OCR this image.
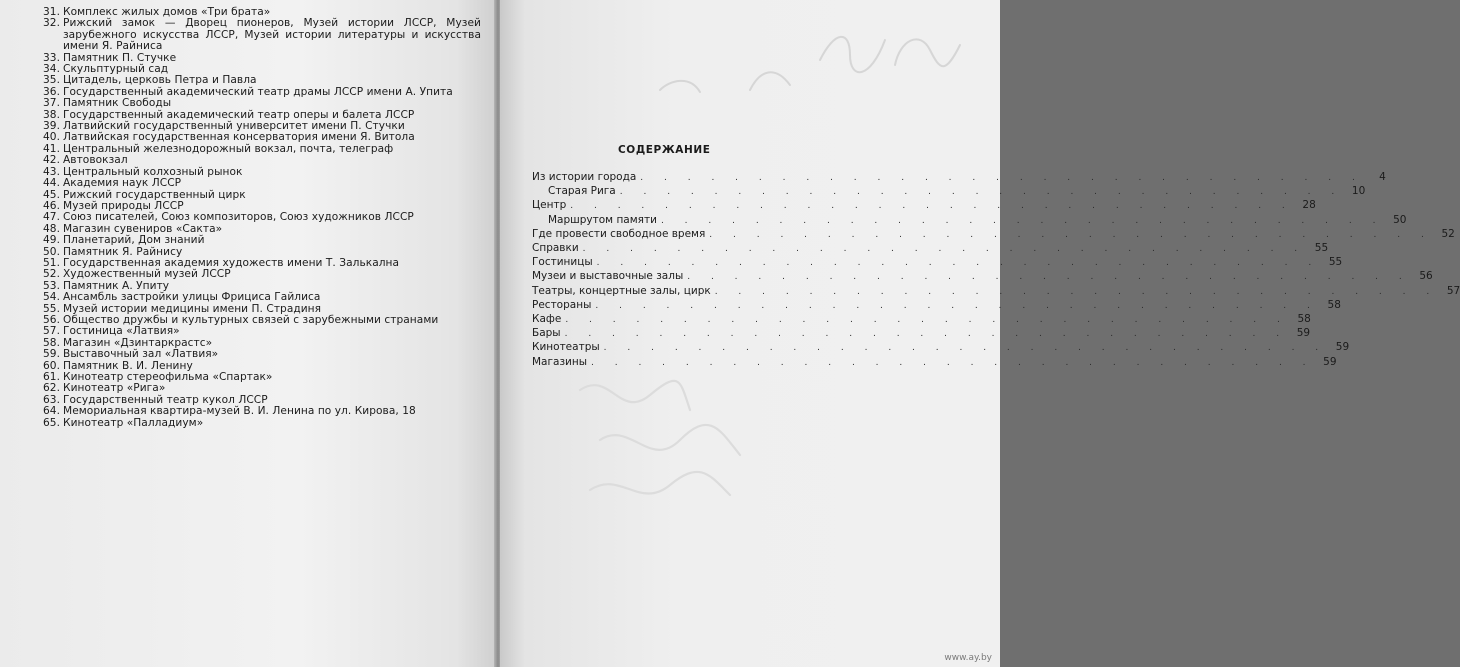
31. Комплекс жилых домов «Три брата»
32. Рижский замок — Дворец пионеров, Музей истории ЛССР, Музей зарубежного искусства ЛССР, Музей истории литературы и искусства имени Я. Райниса
33. Памятник П. Стучке
34. Скульптурный сад
35. Цитадель, церковь Петра и Павла
36. Государственный академический театр драмы ЛССР имени А. Упита
37. Памятник Свободы
38. Государственный академический театр оперы и балета ЛССР
39. Латвийский государственный университет имени П. Стучки
40. Латвийская государственная консерватория имени Я. Витола
41. Центральный железнодорожный вокзал, почта, телеграф
42. Автовокзал
43. Центральный колхозный рынок
44. Академия наук ЛССР
45. Рижский государственный цирк
46. Музей природы ЛССР
47. Союз писателей, Союз композиторов, Союз художников ЛССР
48. Магазин сувениров «Сакта»
49. Планетарий, Дом знаний
50. Памятник Я. Райнису
51. Государственная академия художеств имени Т. Залькална
52. Художественный музей ЛССР
53. Памятник А. Упиту
54. Ансамбль застройки улицы Фрициса Гайлиса
55. Музей истории медицины имени П. Страдиня
56. Общество дружбы и культурных связей с зарубежными странами
57. Гостиница «Латвия»
58. Магазин «Дзинтаркрастс»
59. Выставочный зал «Латвия»
60. Памятник В. И. Ленину
61. Кинотеатр стереофильма «Спартак»
62. Кинотеатр «Рига»
63. Государственный театр кукол ЛССР
64. Мемориальная квартира-музей В. И. Ленина по ул. Кирова, 18
65. Кинотеатр «Палладиум»
СОДЕРЖАНИЕ
Из истории города . . . . . . . . . . . . . . . . . . . . . . . . . . . . . . .	4
Старая Рига . . . . . . . . . . . . . . . . . . . . . . . . . . . . . . . 10
Центр . . . . . . . . . . . . . . . . . . . . . . . . . . . . . . . 28
Маршрутом памяти . . . . . . . . . . . . . . . . . . . . . . . . . . . . . . . 50
Где провести свободное время . . . . . . . . . . . . . . . . . . . . . . . . . . . . . . . 52
Справки . . . . . . . . . . . . . . . . . . . . . . . . . . . . . . . 55
Гостиницы . . . . . . . . . . . . . . . . . . . . . . . . . . . . . . . 55
Музеи и выставочные залы . . . . . . . . . . . . . . . . . . . . . . . . . . . . . . . 56
Театры, концертные залы, цирк . . . . . . . . . . . . . . . . . . . . . . . . . . . . . . . 57
Рестораны . . . . . . . . . . . . . . . . . . . . . . . . . . . . . . . 58
Кафе . . . . . . . . . . . . . . . . . . . . . . . . . . . . . . . 58
Бары . . . . . . . . . . . . . . . . . . . . . . . . . . . . . . . 59
Кинотеатры . . . . . . . . . . . . . . . . . . . . . . . . . . . . . . . 59
Магазины . . . . . . . . . . . . . . . . . . . . . . . . . . . . . . . 59
www.ay.by
